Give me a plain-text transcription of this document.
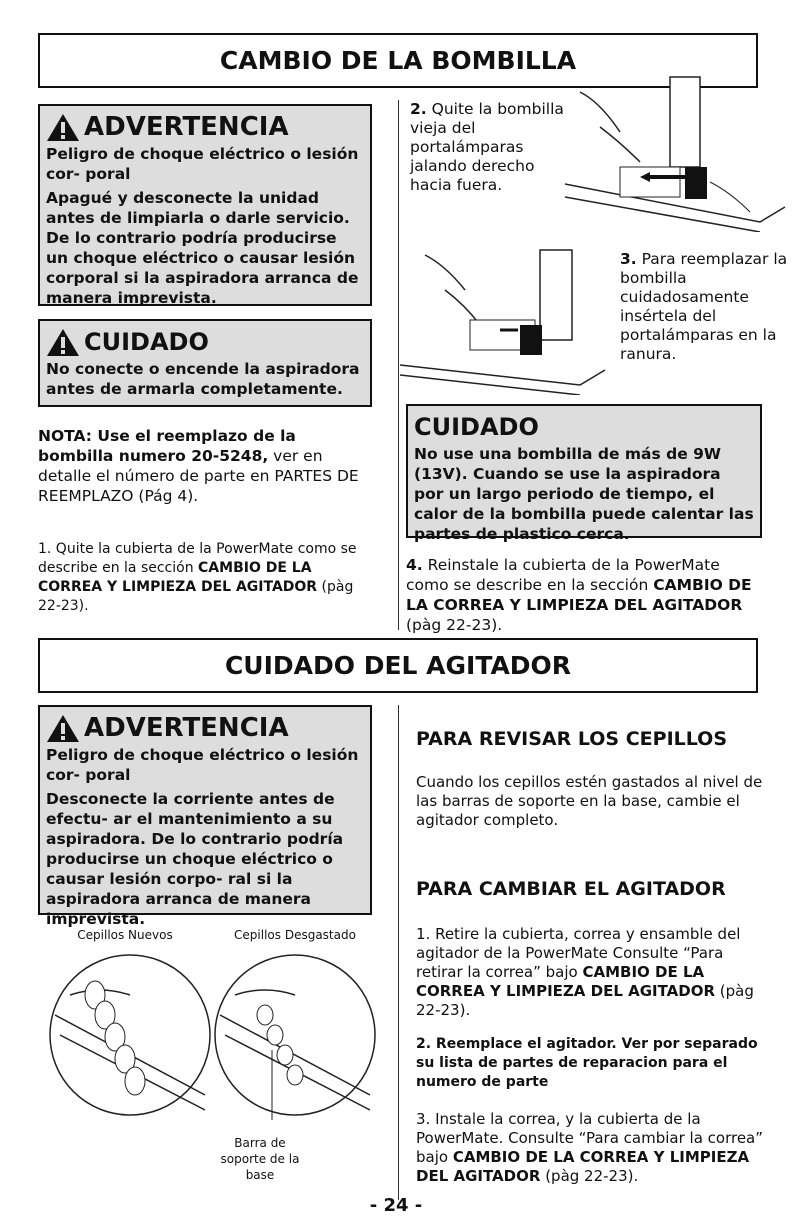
CAMBIO DE LA BOMBILLA
ADVERTENCIA

Peligro de choque eléctrico o lesión cor- poral

Apagué y desconecte la unidad antes de limpiarla o darle servicio. De lo contrario podría producirse un choque eléctrico o causar lesión corporal si la aspiradora arranca de manera imprevista.

CUIDADO
No conecte o encende la aspiradora antes de armarla completamente.
NOTA: Use el reemplazo de la bombilla numero 20-5248, ver en detalle el número de parte en PARTES DE REEMPLAZO (Pág 4).
1. Quite la cubierta de la PowerMate como se describe en la sección CAMBIO DE LA CORREA Y LIMPIEZA DEL AGITADOR (pàg 22-23).
2. Quite la bombilla vieja del portalámparas jalando derecho hacia fuera.
3. Para reemplazar la bombilla cuidadosamente insértela del portalámparas en la ranura.
CUIDADO
No use una bombilla de más de 9W (13V). Cuando se use la aspiradora por un largo periodo de tiempo, el calor de la bombilla puede calentar las partes de plastico cerca.
4. Reinstale la cubierta de la PowerMate como se describe en la sección CAMBIO DE LA CORREA Y LIMPIEZA DEL AGITADOR (pàg 22-23).
CUIDADO DEL AGITADOR
ADVERTENCIA

Peligro de choque eléctrico o lesión cor- poral

Desconecte la corriente antes de efectu- ar el mantenimiento a su aspiradora. De lo contrario podría producirse un choque eléctrico o causar lesión corpo- ral si la aspiradora arranca de manera imprevista.

Cepillos Nuevos	Cepillos Desgastado
Barra de soporte de la base
PARA REVISAR LOS CEPILLOS
Cuando los cepillos estén gastados al nivel de las barras de soporte en la base, cambie el agitador completo.
PARA CAMBIAR EL AGITADOR
1. Retire la cubierta, correa y ensamble del agitador de la PowerMate Consulte “Para retirar la correa” bajo CAMBIO DE LA CORREA Y LIMPIEZA DEL AGITADOR (pàg 22-23).
2. Reemplace el agitador. Ver por separado su lista de partes de reparacion para el numero de parte
3. Instale la correa, y la cubierta de la PowerMate. Consulte “Para cambiar la correa” bajo CAMBIO DE LA CORREA Y LIMPIEZA DEL AGITADOR (pàg 22-23).
- 24 -
